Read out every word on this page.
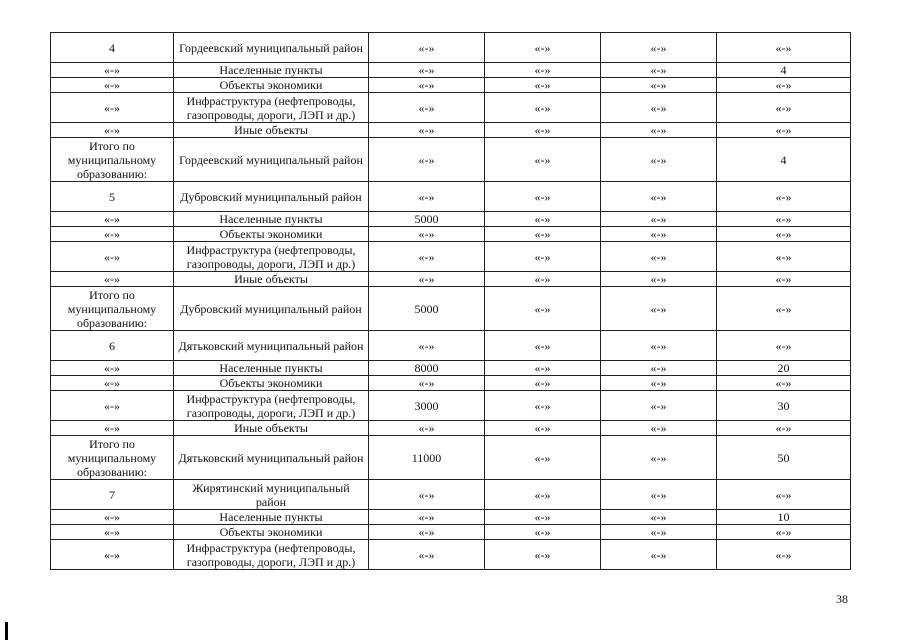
4	Гордеевский муниципальный район	«-»	«-»	«-»	«-»
«-»	Населенные пункты	«-»	«-»	«-»	4
«-»	Объекты экономики	«-»	«-»	«-»	«-»
«-»	Инфраструктура (нефтепроводы, газопроводы, дороги, ЛЭП и др.)	«-»	«-»	«-»	«-»
«-»	Иные объекты	«-»	«-»	«-»	«-»
Итого по муниципальному образованию:	Гордеевский муниципальный район	«-»	«-»	«-»	4
5	Дубровский муниципальный район	«-»	«-»	«-»	«-»
«-»	Населенные пункты	5000	«-»	«-»	«-»
«-»	Объекты экономики	«-»	«-»	«-»	«-»
«-»	Инфраструктура (нефтепроводы, газопроводы, дороги, ЛЭП и др.)	«-»	«-»	«-»	«-»
«-»	Иные объекты	«-»	«-»	«-»	«-»
Итого по муниципальному образованию:	Дубровский муниципальный район	5000	«-»	«-»	«-»
6	Дятьковский муниципальный район	«-»	«-»	«-»	«-»
«-»	Населенные пункты	8000	«-»	«-»	20
«-»	Объекты экономики	«-»	«-»	«-»	«-»
«-»	Инфраструктура (нефтепроводы, газопроводы, дороги, ЛЭП и др.)	3000	«-»	«-»	30
«-»	Иные объекты	«-»	«-»	«-»	«-»
Итого по муниципальному образованию:	Дятьковский муниципальный район	11000	«-»	«-»	50
7	Жирятинский муниципальный район	«-»	«-»	«-»	«-»
«-»	Населенные пункты	«-»	«-»	«-»	10
«-»	Объекты экономики	«-»	«-»	«-»	«-»
«-»	Инфраструктура (нефтепроводы, газопроводы, дороги, ЛЭП и др.)	«-»	«-»	«-»	«-»
38
